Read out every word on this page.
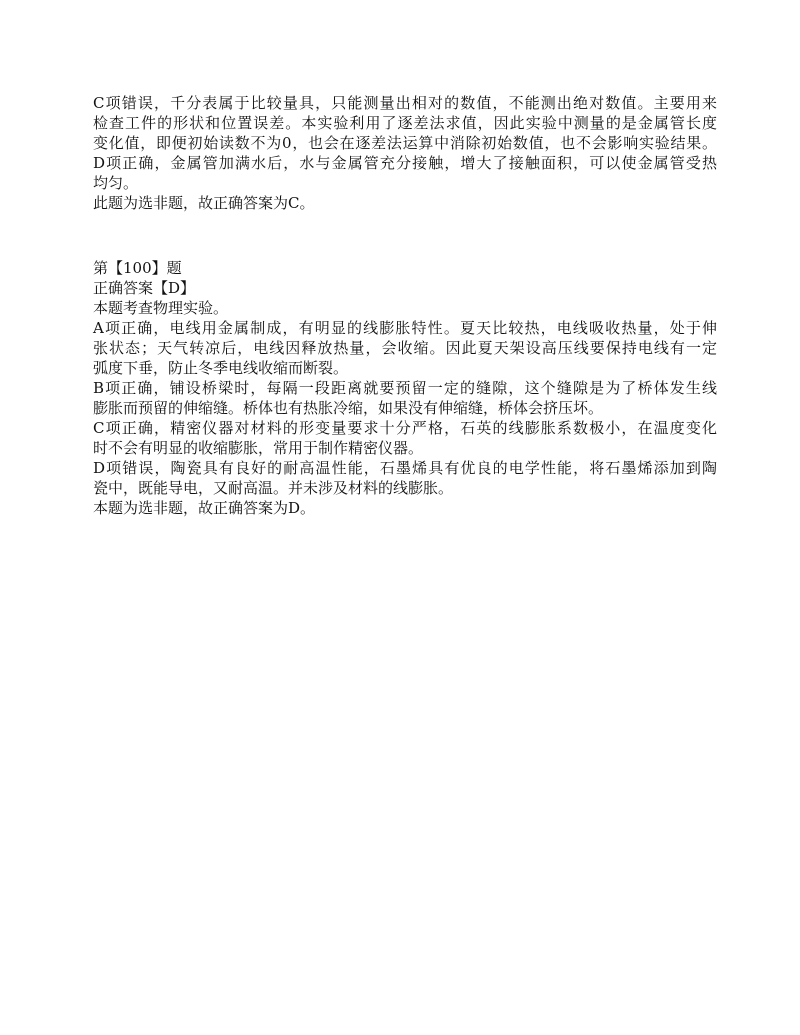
C项错误，千分表属于比较量具，只能测量出相对的数值，不能测出绝对数值。主要用来
检查工件的形状和位置误差。本实验利用了逐差法求值，因此实验中测量的是金属管长度
变化值，即便初始读数不为0，也会在逐差法运算中消除初始数值，也不会影响实验结果。
D项正确，金属管加满水后，水与金属管充分接触，增大了接触面积，可以使金属管受热
均匀。
此题为选非题，故正确答案为C。
第【100】题
正确答案【D】
本题考查物理实验。
A项正确，电线用金属制成，有明显的线膨胀特性。夏天比较热，电线吸收热量，处于伸
张状态；天气转凉后，电线因释放热量，会收缩。因此夏天架设高压线要保持电线有一定
弧度下垂，防止冬季电线收缩而断裂。
B项正确，铺设桥梁时，每隔一段距离就要预留一定的缝隙，这个缝隙是为了桥体发生线
膨胀而预留的伸缩缝。桥体也有热胀冷缩，如果没有伸缩缝，桥体会挤压坏。
C项正确，精密仪器对材料的形变量要求十分严格，石英的线膨胀系数极小，在温度变化
时不会有明显的收缩膨胀，常用于制作精密仪器。
D项错误，陶瓷具有良好的耐高温性能，石墨烯具有优良的电学性能，将石墨烯添加到陶
瓷中，既能导电，又耐高温。并未涉及材料的线膨胀。
本题为选非题，故正确答案为D。
